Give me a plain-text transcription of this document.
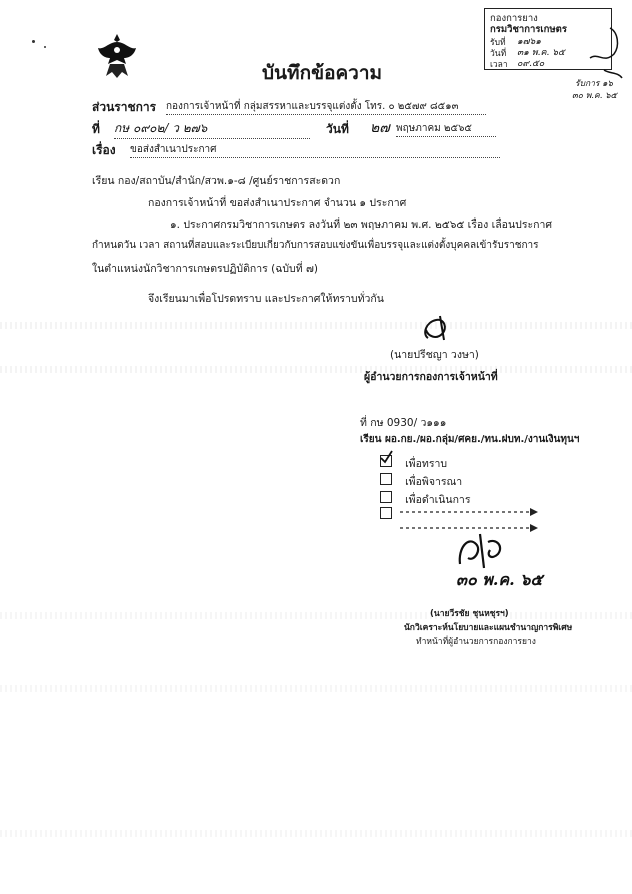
บันทึกข้อความ
กองการยาง
กรมวิชาการเกษตร
รับที่ ๑๗๖๑
วันที่ ๓๑ พ.ค. ๖๕
เวลา ๐๙.๕๐
รับการ ๑๖
๓๐ พ.ค. ๖๕
ส่วนราชการ กองการเจ้าหน้าที่ กลุ่มสรรหาและบรรจุแต่งตั้ง โทร. ๐ ๒๕๗๙ ๘๕๑๓
ที่ กษ ๐๙๐๒/ ว ๒๗๖	วันที่ ๒๗ พฤษภาคม ๒๕๖๕
เรื่อง ขอส่งสำเนาประกาศ
เรียน กอง/สถาบัน/สำนัก/สวพ.๑-๘ /ศูนย์ราชการสะดวก
กองการเจ้าหน้าที่ ขอส่งสำเนาประกาศ จำนวน ๑ ประกาศ
๑. ประกาศกรมวิชาการเกษตร ลงวันที่ ๒๓ พฤษภาคม พ.ศ. ๒๕๖๕ เรื่อง เลื่อนประกาศ
กำหนดวัน เวลา สถานที่สอบและระเบียบเกี่ยวกับการสอบแข่งขันเพื่อบรรจุและแต่งตั้งบุคคลเข้ารับราชการ
ในตำแหน่งนักวิชาการเกษตรปฏิบัติการ (ฉบับที่ ๗)
จึงเรียนมาเพื่อโปรดทราบ และประกาศให้ทราบทั่วกัน
(นายปรีชญา วงษา)
ผู้อำนวยการกองการเจ้าหน้าที่
ที่ กษ 0930/ ว๑๑๑
เรียน ผอ.กย./ผอ.กลุ่ม/ศคย./ทน.ฝบท./งานเงินทุนฯ
เพื่อทราบ
เพื่อพิจารณา
เพื่อดำเนินการ
๓๐ พ.ค. ๖๕
(นายวีรชัย ชุนหชุรฯ)
นักวิเคราะห์นโยบายและแผนชำนาญการพิเศษ
ทำหน้าที่ผู้อำนวยการกองการยาง
